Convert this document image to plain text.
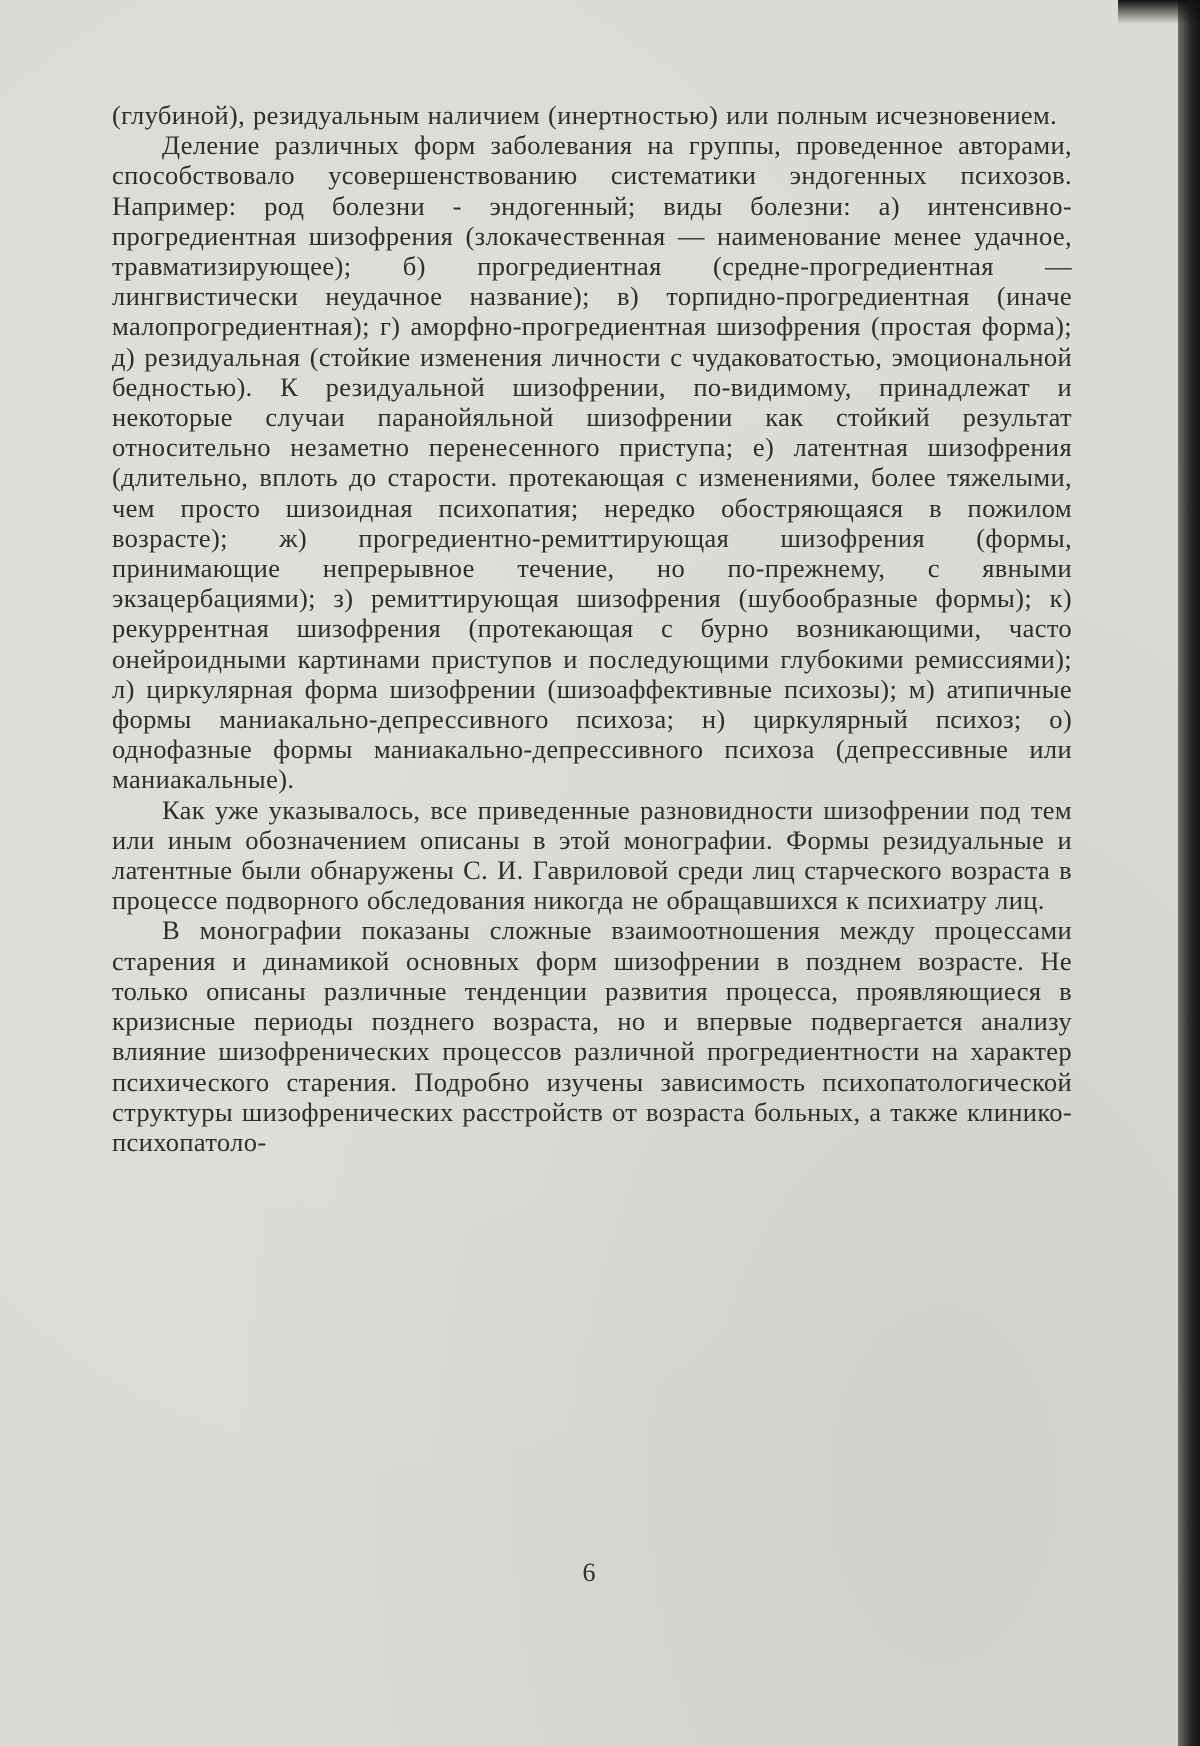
(глубиной), резидуальным наличием (инертностью) или полным исчезновением.

Деление различных форм заболевания на группы, проведенное авторами, способствовало усовершенствованию систематики эндогенных психозов. Например: род болезни - эндогенный; виды болезни: а) интенсивно-прогредиентная шизофрения (злокачественная — наименование менее удачное, травматизирующее); б) прогредиентная (средне-прогредиентная — лингвистически неудачное название); в) торпидно-прогредиентная (иначе малопрогредиентная); г) аморфно-прогредиентная шизофрения (простая форма); д) резидуальная (стойкие изменения личности с чудаковатостью, эмоциональной бедностью). К резидуальной шизофрении, по-видимому, принадлежат и некоторые случаи паранойяльной шизофрении как стойкий результат относительно незаметно перенесенного приступа; е) латентная шизофрения (длительно, вплоть до старости. протекающая с изменениями, более тяжелыми, чем просто шизоидная психопатия; нередко обостряющаяся в пожилом возрасте); ж) прогредиентно-ремиттирующая шизофрения (формы, принимающие непрерывное течение, но по-прежнему, с явными экзацербациями); з) ремиттирующая шизофрения (шубообразные формы); к) рекуррентная шизофрения (протекающая с бурно возникающими, часто онейроидными картинами приступов и последующими глубокими ремиссиями); л) циркулярная форма шизофрении (шизоаффективные психозы); м) атипичные формы маниакально-депрессивного психоза; н) циркулярный психоз; о) однофазные формы маниакально-депрессивного психоза (депрессивные или маниакальные).

Как уже указывалось, все приведенные разновидности шизофрении под тем или иным обозначением описаны в этой монографии. Формы резидуальные и латентные были обнаружены С. И. Гавриловой среди лиц старческого возраста в процессе подворного обследования никогда не обращавшихся к психиатру лиц.

В монографии показаны сложные взаимоотношения между процессами старения и динамикой основных форм шизофрении в позднем возрасте. Не только описаны различные тенденции развития процесса, проявляющиеся в кризисные периоды позднего возраста, но и впервые подвергается анализу влияние шизофренических процессов различной прогредиентности на характер психического старения. Подробно изучены зависимость психопатологической структуры шизофренических расстройств от возраста больных, а также клинико-психопатоло-

6
